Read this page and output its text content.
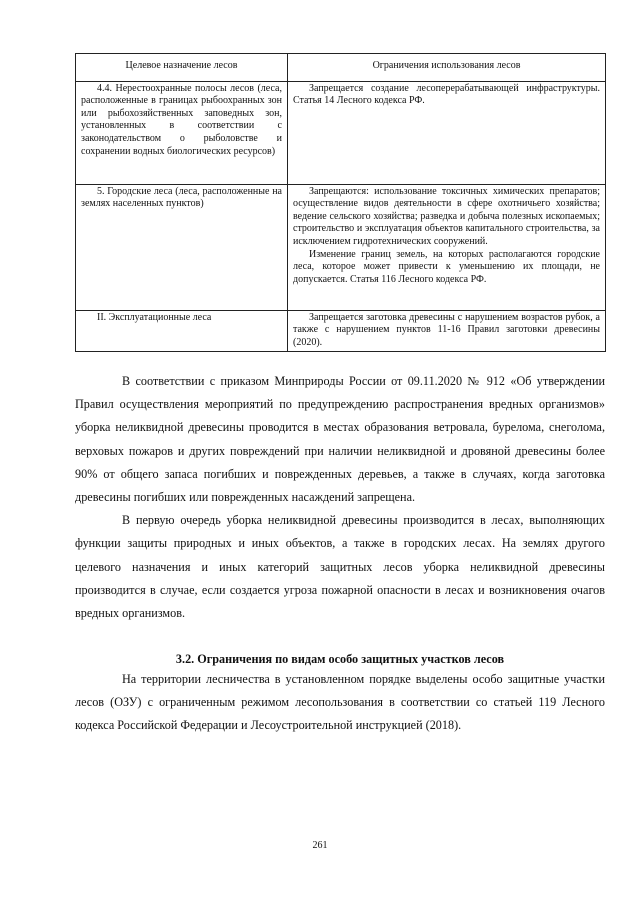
Целевое назначение лесов	Ограничения использования лесов

4.4. Нерестоохранные полосы лесов (леса, расположенные в границах рыбоохранных зон или рыбохозяйственных заповедных зон, установленных в соответствии с законодательством о рыболовстве и сохранении водных биологических ресурсов)	Запрещается создание лесоперерабатывающей инфраструктуры. Статья 14 Лесного кодекса РФ.

5. Городские леса (леса, расположенные на землях населенных пунктов)	Запрещаются: использование токсичных химических препаратов; осуществление видов деятельности в сфере охотничьего хозяйства; ведение сельского хозяйства; разведка и добыча полезных ископаемых; строительство и эксплуатация объектов капитального строительства, за исключением гидротехнических сооружений.

Изменение границ земель, на которых располагаются городские леса, которое может привести к уменьшению их площади, не допускается. Статья 116 Лесного кодекса РФ.

II. Эксплуатационные леса	Запрещается заготовка древесины с нарушением возрастов рубок, а также с нарушением пунктов 11-16 Правил заготовки древесины (2020).

В соответствии с приказом Минприроды России от 09.11.2020 № 912 «Об утверждении Правил осуществления мероприятий по предупреждению распространения вредных организмов» уборка неликвидной древесины проводится в местах образования ветровала, бурелома, снеголома, верховых пожаров и других повреждений при наличии неликвидной и дровяной древесины более 90% от общего запаса погибших и поврежденных деревьев, а также в случаях, когда заготовка древесины погибших или поврежденных насаждений запрещена.

В первую очередь уборка неликвидной древесины производится в лесах, выполняющих функции защиты природных и иных объектов, а также в городских лесах. На землях другого целевого назначения и иных категорий защитных лесов уборка неликвидной древесины производится в случае, если создается угроза пожарной опасности в лесах и возникновения очагов вредных организмов.

3.2. Ограничения по видам особо защитных участков лесов

На территории лесничества в установленном порядке выделены особо защитные участки лесов (ОЗУ) с ограниченным режимом лесопользования в соответствии со статьей 119 Лесного кодекса Российской Федерации и Лесоустроительной инструкцией (2018).

261
